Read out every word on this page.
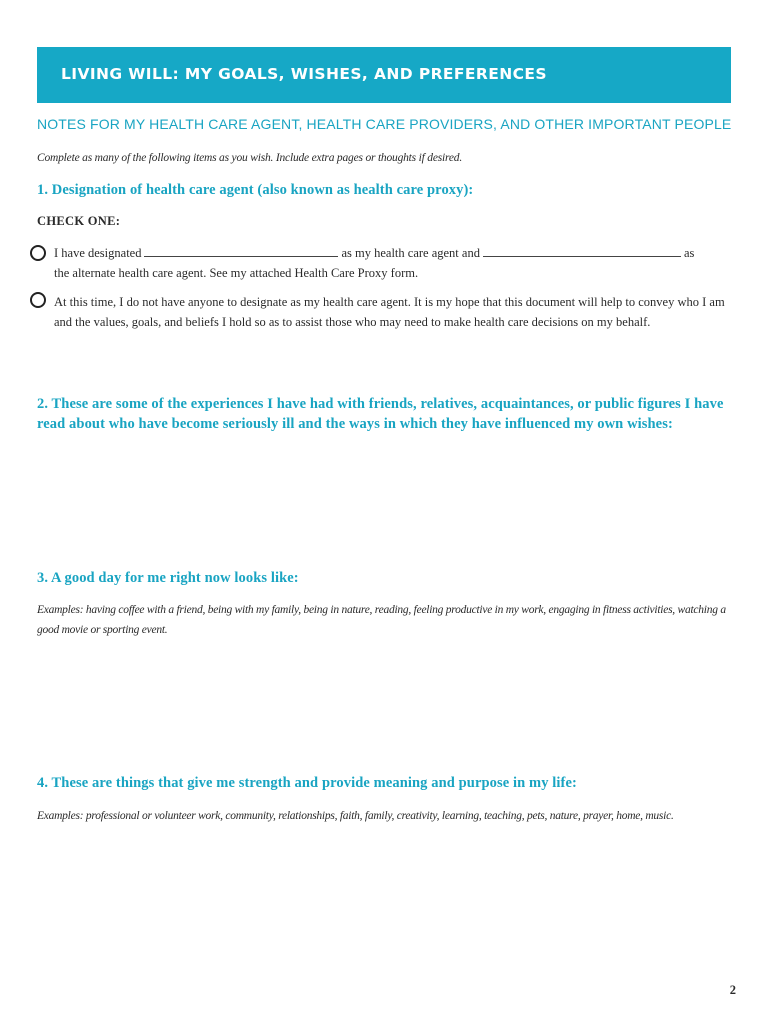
LIVING WILL: MY GOALS, WISHES, AND PREFERENCES
NOTES FOR MY HEALTH CARE AGENT, HEALTH CARE PROVIDERS, AND OTHER IMPORTANT PEOPLE
Complete as many of the following items as you wish. Include extra pages or thoughts if desired.
1. Designation of health care agent (also known as health care proxy):
CHECK ONE:
I have designated	as my health care agent and	as
the alternate health care agent. See my attached Health Care Proxy form.
At this time, I do not have anyone to designate as my health care agent. It is my hope that this document will help to convey who I am and the values, goals, and beliefs I hold so as to assist those who may need to make health care decisions on my behalf.
2. These are some of the experiences I have had with friends, relatives, acquaintances, or public figures I have read about who have become seriously ill and the ways in which they have influenced my own wishes:
3. A good day for me right now looks like:
Examples: having coffee with a friend, being with my family, being in nature, reading, feeling productive in my work, engaging in fitness activities, watching a good movie or sporting event.
4. These are things that give me strength and provide meaning and purpose in my life:
Examples: professional or volunteer work, community, relationships, faith, family, creativity, learning, teaching, pets, nature, prayer, home, music.
2
